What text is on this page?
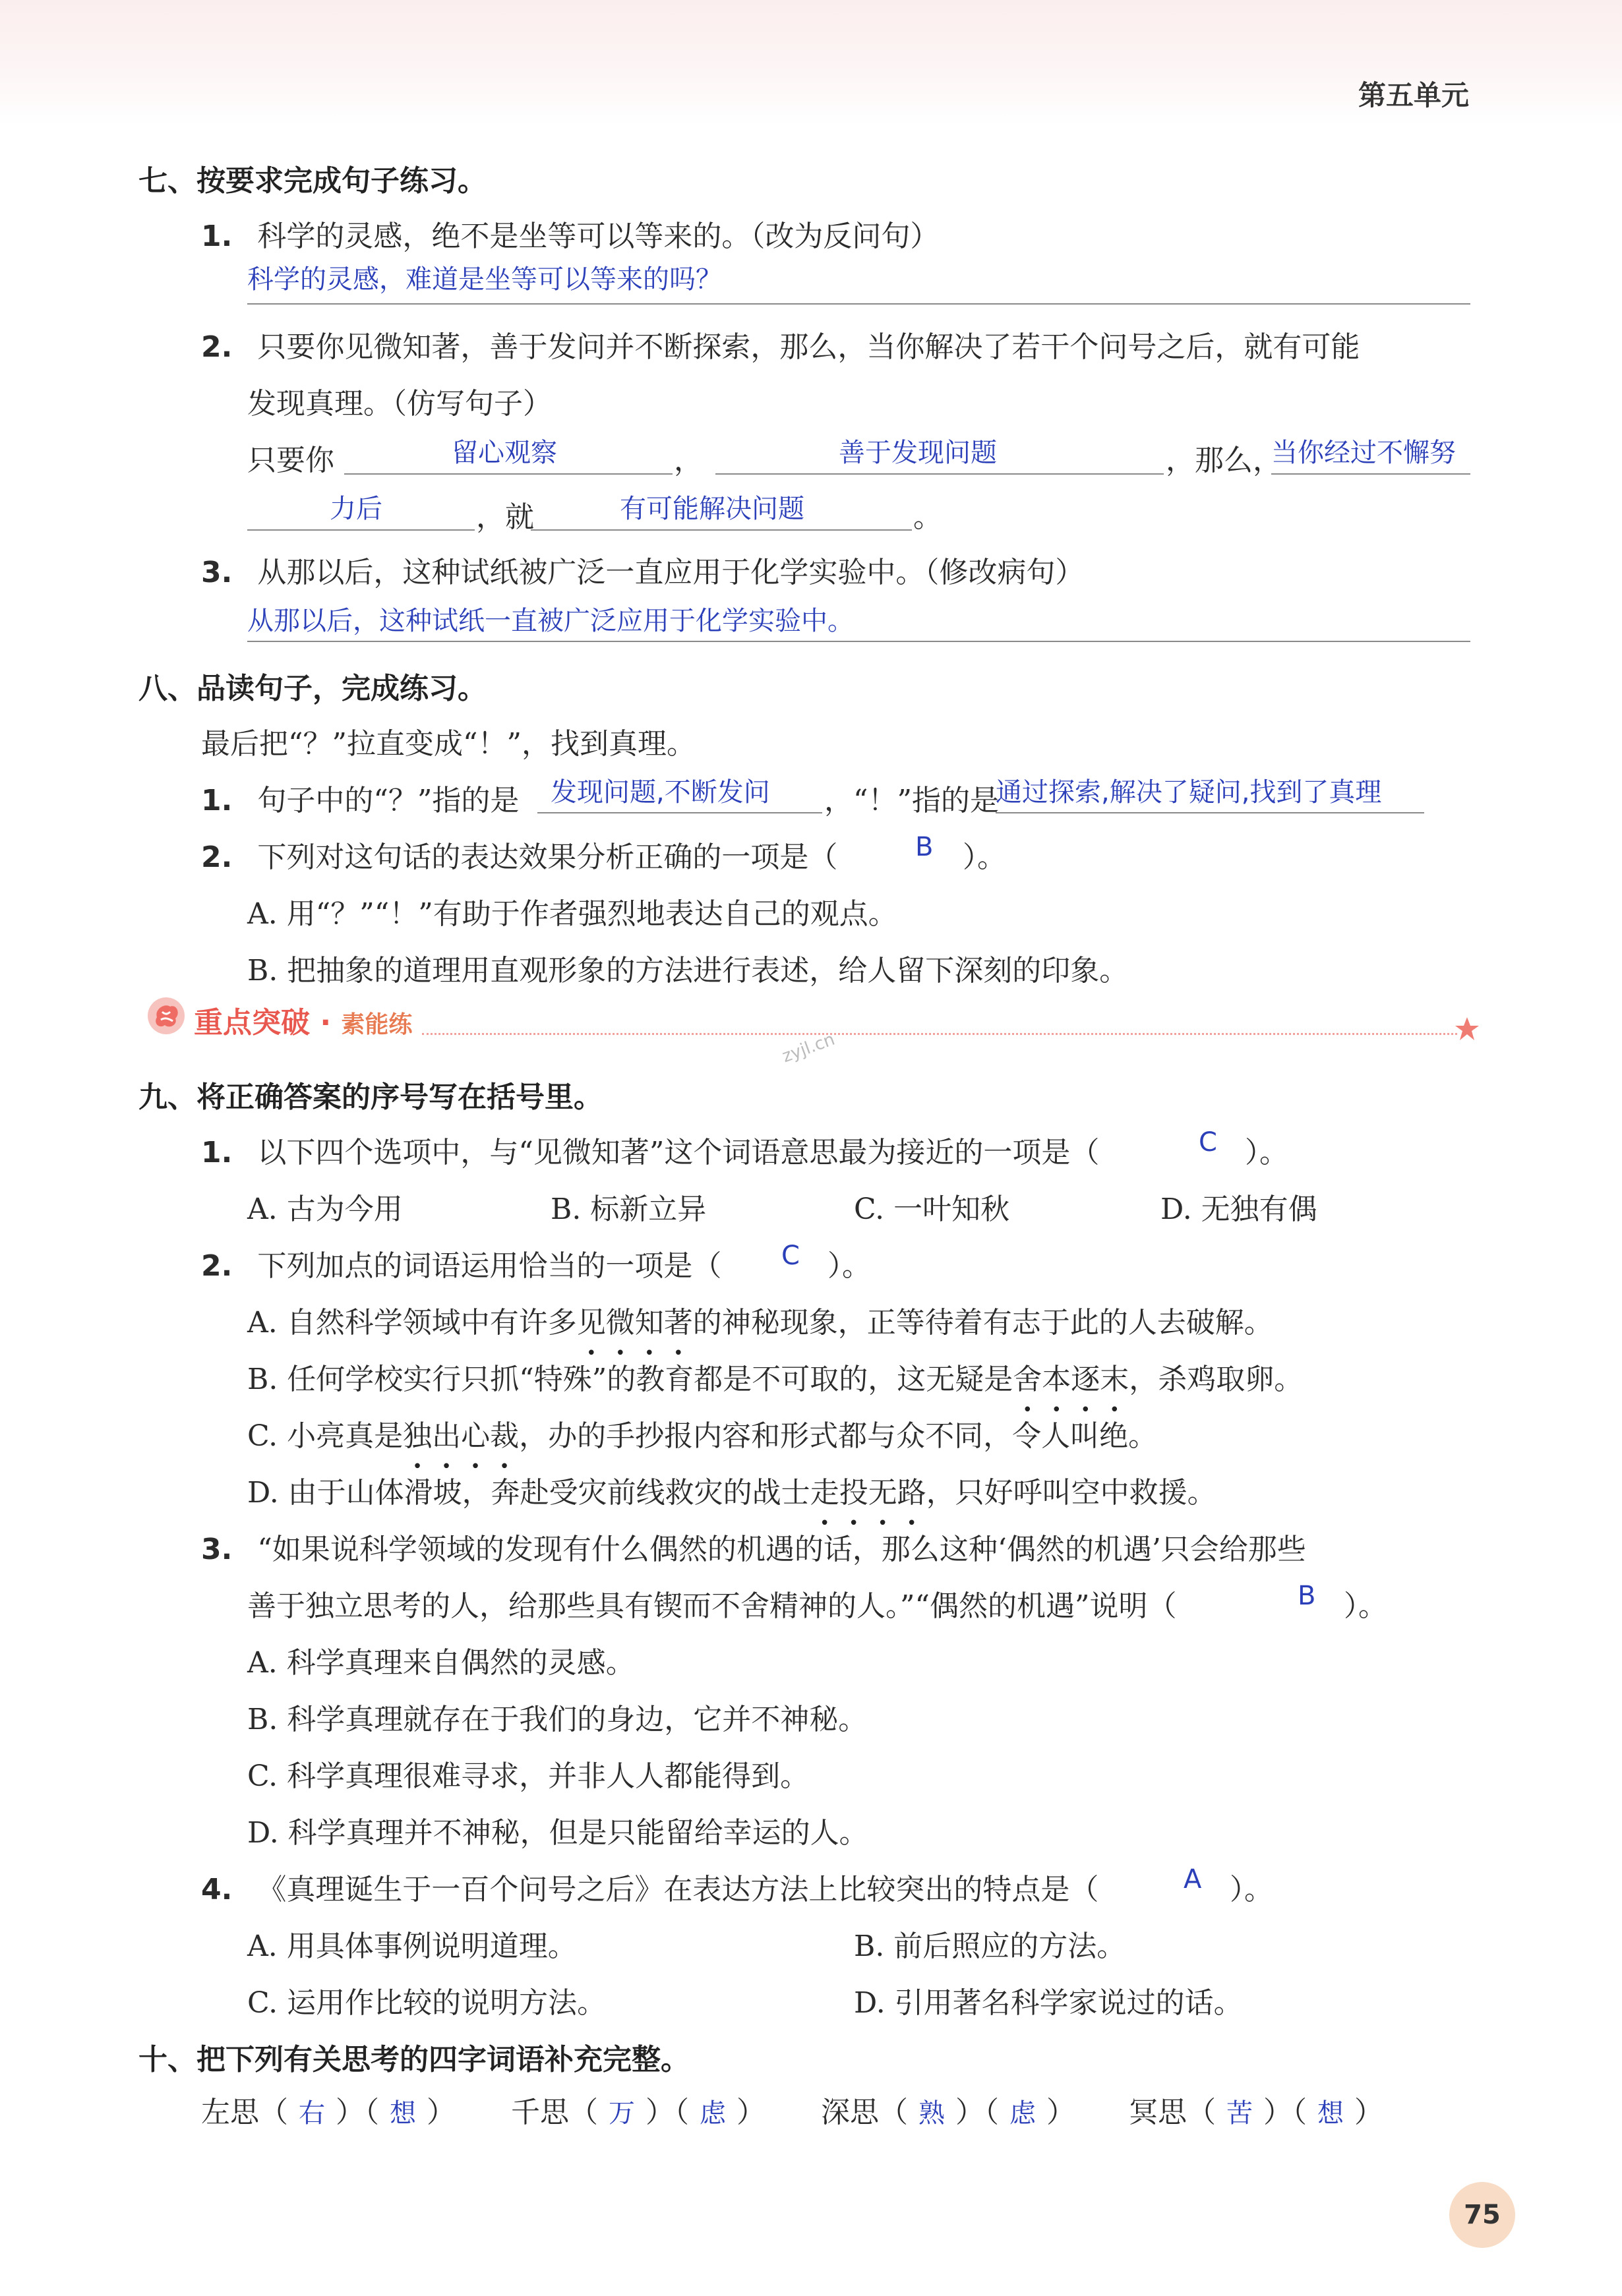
第五单元
七、按要求完成句子练习。
1. 科学的灵感，绝不是坐等可以等来的。（改为反问句）
科学的灵感，难道是坐等可以等来的吗？
2. 只要你见微知著，善于发问并不断探索，那么，当你解决了若干个问号之后，就有可能
发现真理。（仿写句子）
只要你	留心观察	，	善于发现问题	，那么，
当你经过不懈努
力后	，就	有可能解决问题	。
3. 从那以后，这种试纸被广泛一直应用于化学实验中。（修改病句）
从那以后，这种试纸一直被广泛应用于化学实验中。
八、品读句子，完成练习。
最后把“？”拉直变成“！”，找到真理。
1. 句子中的“？”指的是 发现问题,不断发问 ，“！”指的是
通过探索,解决了疑问,找到了真理
2. 下列对这句话的表达效果分析正确的一项是（	B ）。
A. 用“？”“！”有助于作者强烈地表达自己的观点。
B. 把抽象的道理用直观形象的方法进行表述，给人留下深刻的印象。
重点突破 · 素能练
zyjl.cn
九、将正确答案的序号写在括号里。
1. 以下四个选项中，与“见微知著”这个词语意思最为接近的一项是（	C ）。
A. 古为今用	B. 标新立异	C. 一叶知秋	D. 无独有偶
2. 下列加点的词语运用恰当的一项是（ C ）。
A. 自然科学领域中有许多见微知著的神秘现象，正等待着有志于此的人去破解。
B. 任何学校实行只抓“特殊”的教育都是不可取的，这无疑是舍本逐末，杀鸡取卵。
C. 小亮真是独出心裁，办的手抄报内容和形式都与众不同，令人叫绝。
D. 由于山体滑坡，奔赴受灾前线救灾的战士走投无路，只好呼叫空中救援。
3. “如果说科学领域的发现有什么偶然的机遇的话，那么这种‘偶然的机遇’只会给那些
善于独立思考的人，给那些具有锲而不舍精神的人。”“偶然的机遇”说明（	B ）。
A. 科学真理来自偶然的灵感。
B. 科学真理就存在于我们的身边，它并不神秘。
C. 科学真理很难寻求，并非人人都能得到。
D. 科学真理并不神秘，但是只能留给幸运的人。
4. 《真理诞生于一百个问号之后》在表达方法上比较突出的特点是（	A ）。
A. 用具体事例说明道理。	B. 前后照应的方法。
C. 运用作比较的说明方法。	D. 引用著名科学家说过的话。
十、把下列有关思考的四字词语补充完整。
左思（ 右 ）（ 想 ） 千思（ 万 ）（ 虑 ） 深思（ 熟 ）（ 虑 ） 冥思（ 苦 ）（ 想 ）
75
